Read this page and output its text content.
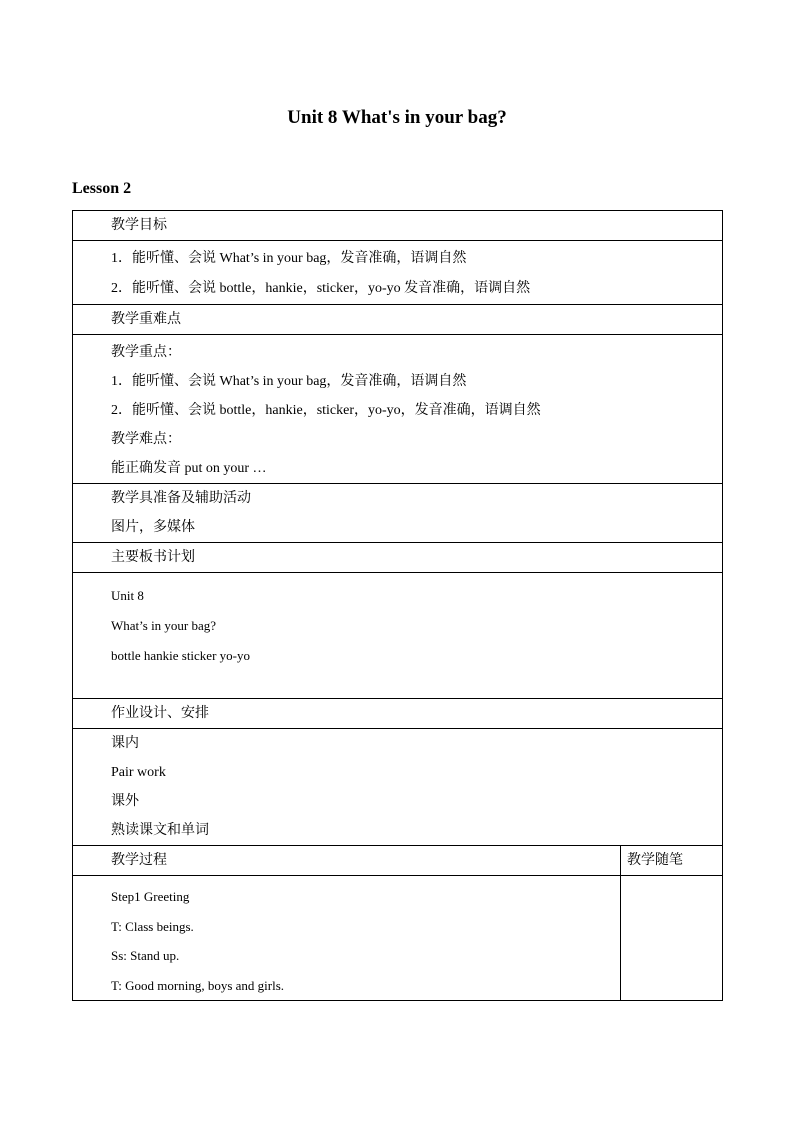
Unit 8 What's in your bag?
Lesson 2
教学目标	

1．能听懂、会说 What’s in your bag，发音准确，语调自然
2．能听懂、会说 bottle，hankie，sticker，yo-yo 发音准确，语调自然	

教学重难点	

教学重点：
1．能听懂、会说 What’s in your bag，发音准确，语调自然
2．能听懂、会说 bottle，hankie，sticker，yo-yo，发音准确，语调自然
教学难点：
能正确发音 put on your …	

教学具准备及辅助活动
图片，多媒体	

主要板书计划	

Unit 8
What’s in your bag?
bottle hankie sticker yo-yo	

作业设计、安排	

课内
Pair work
课外
熟读课文和单词	

教学过程	教学随笔

Step1 Greeting
T: Class beings.
Ss: Stand up.
T: Good morning, boys and girls.	
